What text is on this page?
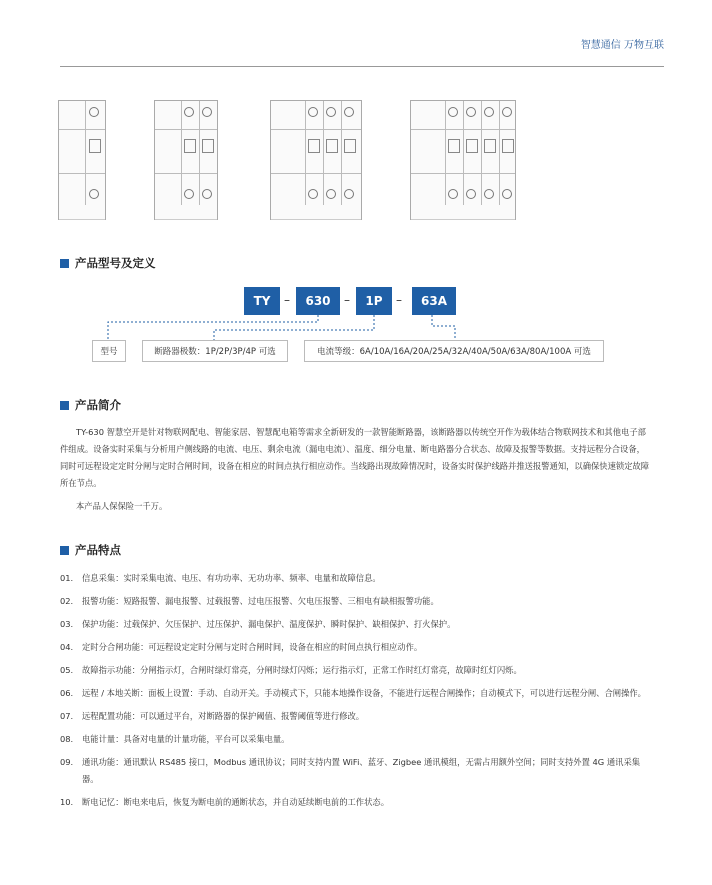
智慧通信 万物互联
产品型号及定义
TY	–	630	–	1P	–	63A
型号	断路器极数：1P/2P/3P/4P 可选	电流等级：6A/10A/16A/20A/25A/32A/40A/50A/63A/80A/100A 可选
产品简介

TY-630 智慧空开是针对物联网配电、智能家居、智慧配电箱等需求全新研发的一款智能断路器，该断路器以传统空开作为载体结合物联网技术和其他电子部件组成。设备实时采集与分析用户侧线路的电流、电压、剩余电流（漏电电流）、温度、细分电量、断电路器分合状态、故障及报警等数据。支持远程分合设备，同时可远程设定定时分闸与定时合闸时间，设备在相应的时间点执行相应动作。当线路出现故障情况时，设备实时保护线路并推送报警通知，以确保快速锁定故障所在节点。

本产品人保保险一千万。

产品特点
01.	信息采集：实时采集电流、电压、有功功率、无功功率、频率、电量和故障信息。
02.	报警功能：短路报警、漏电报警、过载报警、过电压报警、欠电压报警、三相电有缺相报警功能。
03.	保护功能：过载保护、欠压保护、过压保护、漏电保护、温度保护、瞬时保护、缺相保护、打火保护。
04.	定时分合闸功能：可远程设定定时分闸与定时合闸时间，设备在相应的时间点执行相应动作。
05.	故障指示功能：分闸指示灯，合闸时绿灯常亮，分闸时绿灯闪烁；运行指示灯，正常工作时红灯常亮，故障时红灯闪烁。
06.	远程 / 本地关断：面板上设置：手动、自动开关。手动模式下，只能本地操作设备，不能进行远程合闸操作；自动模式下，可以进行远程分闸、合闸操作。
07.	远程配置功能：可以通过平台，对断路器的保护阈值、报警阈值等进行修改。
08.	电能计量：具备对电量的计量功能，平台可以采集电量。
09.	通讯功能：通讯默认 RS485 接口，Modbus 通讯协议；同时支持内置 WiFi、蓝牙、Zigbee 通讯模组，无需占用额外空间；同时支持外置 4G 通讯采集器。
10.	断电记忆：断电来电后，恢复为断电前的通断状态，并自动延续断电前的工作状态。
